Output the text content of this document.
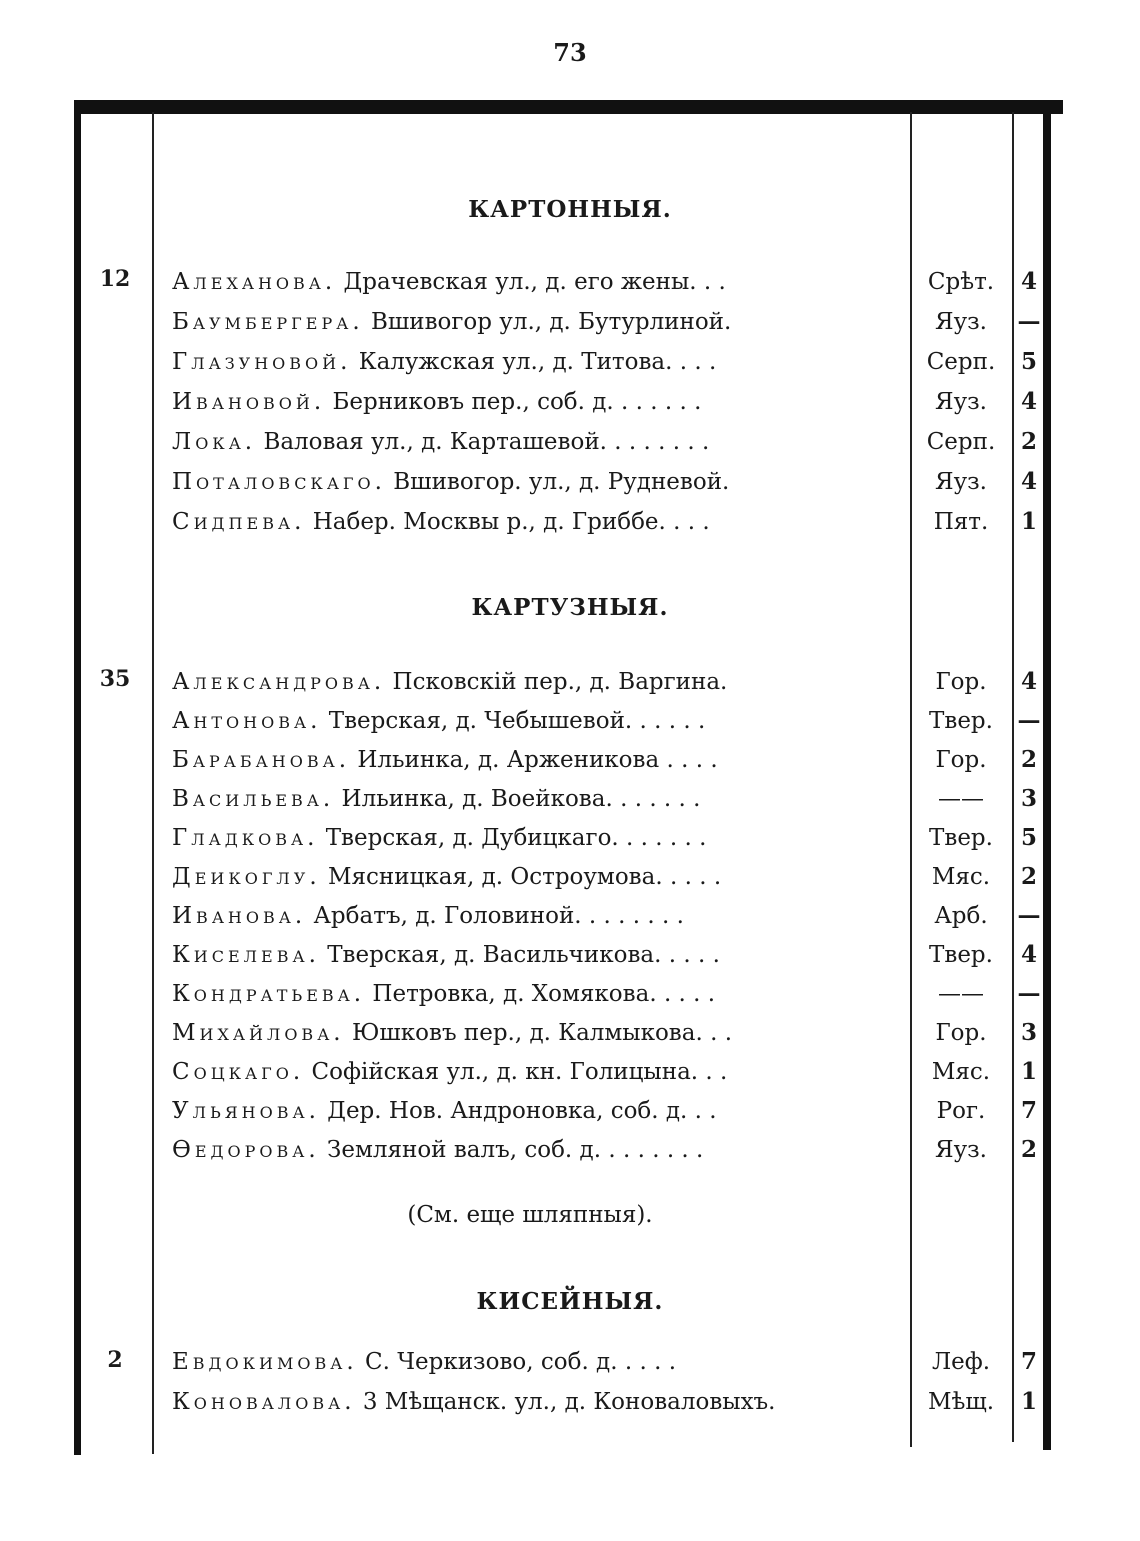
73
КАРТОННЫЯ.
12	Алеханова. Драчевская ул., д. его жены. . .	Срѣт.	4
Баумбергера. Вшивогор ул., д. Бутурлиной.	Яуз.	—
Глазуновой. Калужская ул., д. Титова. . . .	Серп.	5
Ивановой. Берниковъ пер., соб. д. . . . . . .	Яуз.	4
Лока. Валовая ул., д. Карташевой. . . . . . . .	Серп.	2
Поталовскаго. Вшивогор. ул., д. Рудневой.	Яуз.	4
Сидпева. Набер. Москвы р., д. Гриббе. . . .	Пят.	1
КАРТУЗНЫЯ.
35	Александрова. Псковскій пер., д. Варгина.	Гор.	4
Антонова. Тверская, д. Чебышевой. . . . . .	Твер.	—
Барабанова. Ильинка, д. Арженикова . . . .	Гор.	2
Васильева. Ильинка, д. Воейкова. . . . . . .	——	3
Гладкова. Тверская, д. Дубицкаго. . . . . . .	Твер.	5
Деикоглу. Мясницкая, д. Остроумова. . . . .	Мяс.	2
Иванова. Арбатъ, д. Головиной. . . . . . . .	Арб.	—
Киселева. Тверская, д. Васильчикова. . . . .	Твер.	4
Кондратьева. Петровка, д. Хомякова. . . . .	——	—
Михайлова. Юшковъ пер., д. Калмыкова. . .	Гор.	3
Соцкаго. Софійская ул., д. кн. Голицына. . .	Мяс.	1
Ульянова. Дер. Нов. Андроновка, соб. д. . .	Рог.	7
Ѳедорова. Земляной валъ, соб. д. . . . . . . .	Яуз.	2
(См. еще шляпныя).
КИСЕЙНЫЯ.
2	Евдокимова. С. Черкизово, соб. д. . . . .	Леф.	7
Коновалова. 3 Мѣщанск. ул., д. Коноваловыхъ.	Мѣщ.	1
